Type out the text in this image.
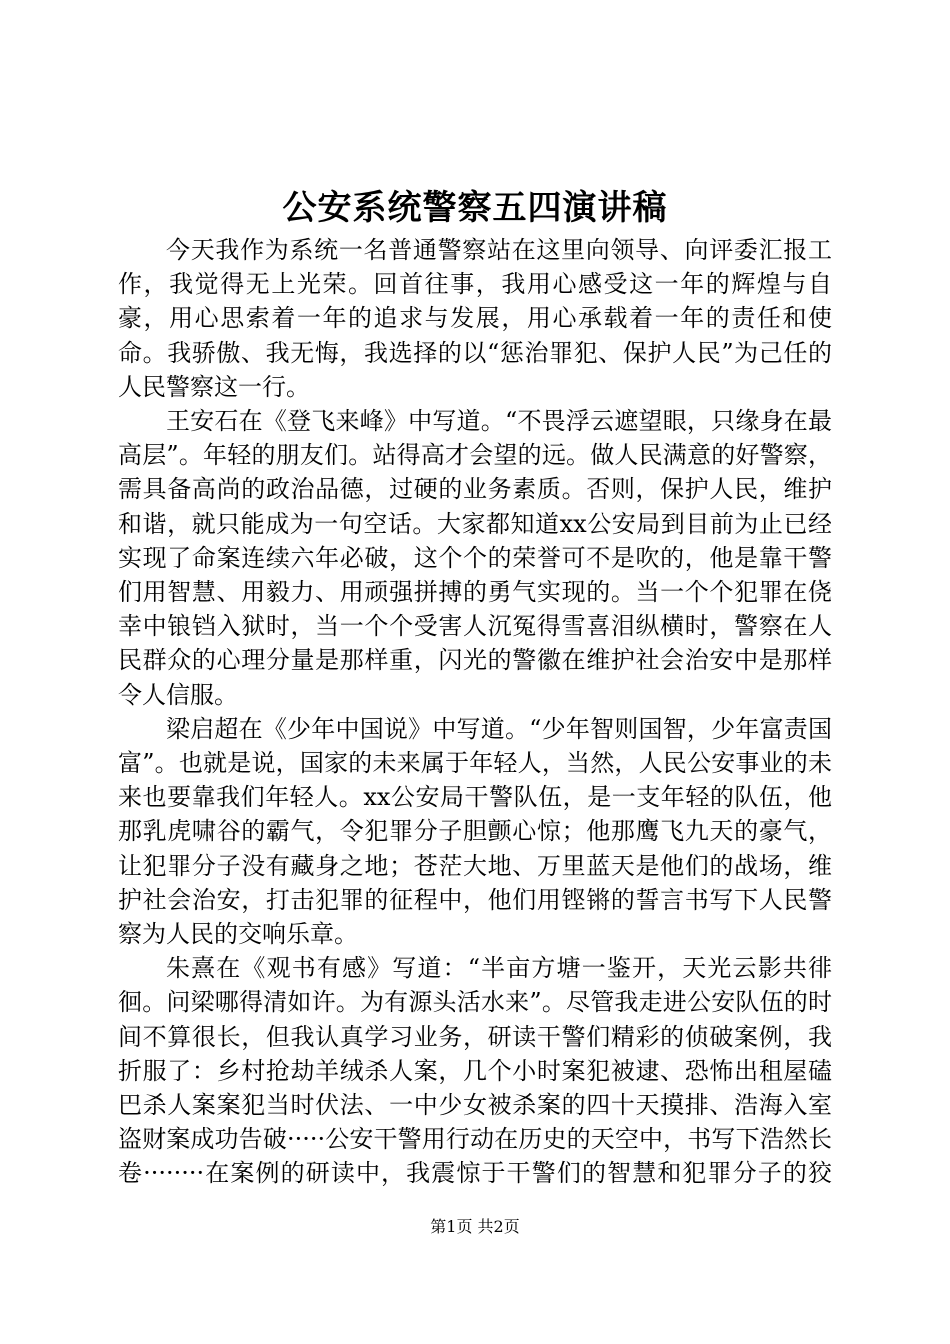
公安系统警察五四演讲稿

今天我作为系统一名普通警察站在这里向领导、向评委汇报工作，我觉得无上光荣。回首往事，我用心感受这一年的辉煌与自豪，用心思索着一年的追求与发展，用心承载着一年的责任和使命。我骄傲、我无悔，我选择的以“惩治罪犯、保护人民”为己任的人民警察这一行。

王安石在《登飞来峰》中写道。“不畏浮云遮望眼，只缘身在最高层”。年轻的朋友们。站得高才会望的远。做人民满意的好警察，需具备高尚的政治品德，过硬的业务素质。否则，保护人民，维护和谐，就只能成为一句空话。大家都知道xx公安局到目前为止已经实现了命案连续六年必破，这个个的荣誉可不是吹的，他是靠干警们用智慧、用毅力、用顽强拼搏的勇气实现的。当一个个犯罪在侥幸中锒铛入狱时，当一个个受害人沉冤得雪喜泪纵横时，警察在人民群众的心理分量是那样重，闪光的警徽在维护社会治安中是那样令人信服。

梁启超在《少年中国说》中写道。“少年智则国智，少年富责国富”。也就是说，国家的未来属于年轻人，当然，人民公安事业的未来也要靠我们年轻人。xx公安局干警队伍，是一支年轻的队伍，他那乳虎啸谷的霸气，令犯罪分子胆颤心惊；他那鹰飞九天的豪气，让犯罪分子没有藏身之地；苍茫大地、万里蓝天是他们的战场，维护社会治安，打击犯罪的征程中，他们用铿锵的誓言书写下人民警察为人民的交响乐章。

朱熹在《观书有感》写道：“半亩方塘一鉴开，天光云影共徘徊。问梁哪得清如许。为有源头活水来”。尽管我走进公安队伍的时间不算很长，但我认真学习业务，研读干警们精彩的侦破案例，我折服了：乡村抢劫羊绒杀人案，几个小时案犯被逮、恐怖出租屋磕巴杀人案案犯当时伏法、一中少女被杀案的四十天摸排、浩海入室盗财案成功告破·····公安干警用行动在历史的天空中，书写下浩然长卷········在案例的研读中，我震惊于干警们的智慧和犯罪分子的狡

第1页 共2页
